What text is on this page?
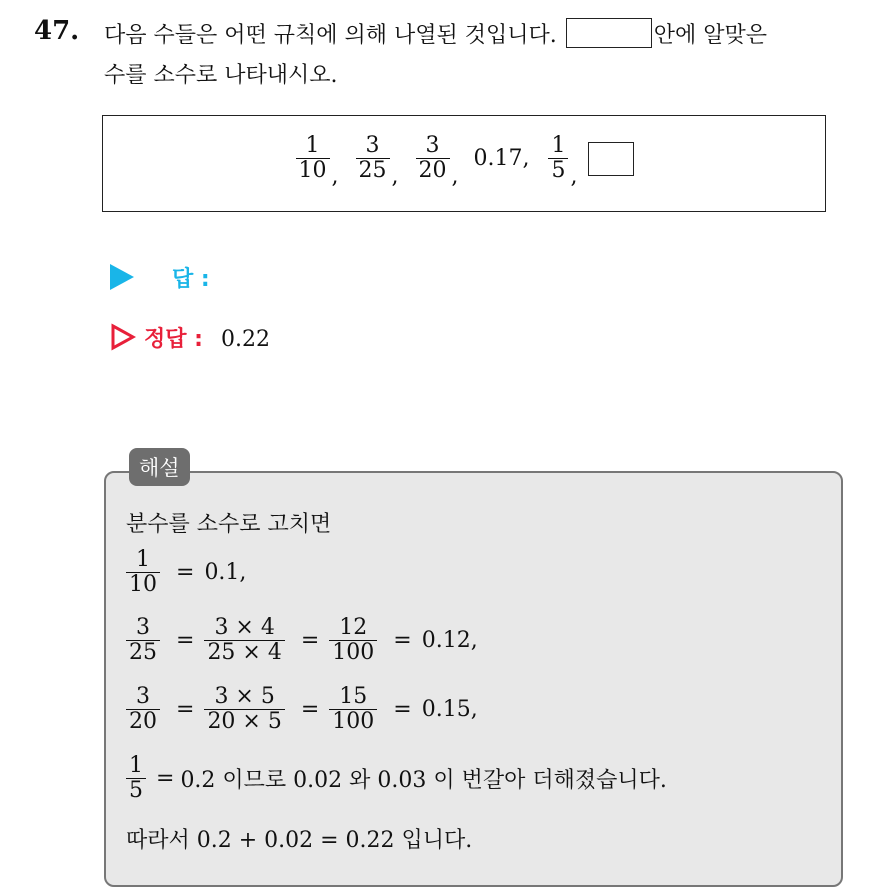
47. 다음 수들은 어떤 규칙에 의해 나열된 것입니다.	안에 알맞은
수를 소수로 나타내시오.
$\frac{1}{10}$ , $\frac{3}{25}$ , $\frac{3}{20}$ , 0.17, $\frac{1}{5}$ ,
답 :
정답 : 0.22
해설
분수를 소수로 고치면
$\frac{1}{10} = 0.1$,
$\frac{3}{25} = \frac{3 \times 4}{25 \times 4} = \frac{12}{100} = 0.12$,
$\frac{3}{20} = \frac{3 \times 5}{20 \times 5} = \frac{15}{100} = 0.15$,
$\frac{1}{5} = 0.2$ 이므로 0.02 와 0.03 이 번갈아 더해졌습니다.
따라서 0.2 + 0.02 = 0.22 입니다.
